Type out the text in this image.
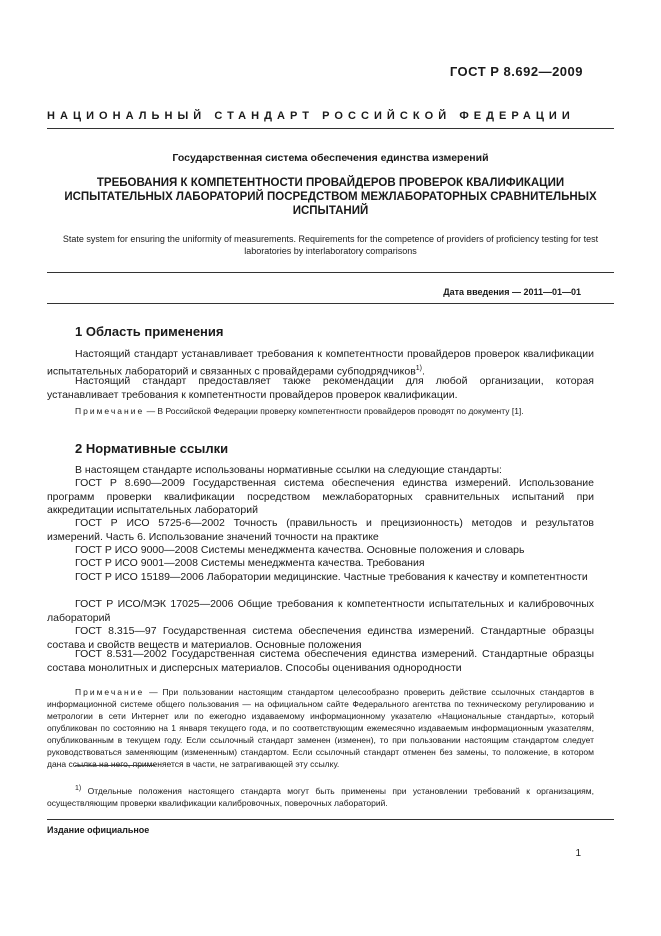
ГОСТ Р 8.692—2009
НАЦИОНАЛЬНЫЙ СТАНДАРТ РОССИЙСКОЙ ФЕДЕРАЦИИ
Государственная система обеспечения единства измерений
ТРЕБОВАНИЯ К КОМПЕТЕНТНОСТИ ПРОВАЙДЕРОВ ПРОВЕРОК КВАЛИФИКАЦИИ ИСПЫТАТЕЛЬНЫХ ЛАБОРАТОРИЙ ПОСРЕДСТВОМ МЕЖЛАБОРАТОРНЫХ СРАВНИТЕЛЬНЫХ ИСПЫТАНИЙ
State system for ensuring the uniformity of measurements. Requirements for the competence of providers of proficiency testing for test laboratories by interlaboratory comparisons
Дата введения — 2011—01—01
1 Область применения
Настоящий стандарт устанавливает требования к компетентности провайдеров проверок квалификации испытательных лабораторий и связанных с провайдерами субподрядчиков$^{1)}$.
Настоящий стандарт предоставляет также рекомендации для любой организации, которая устанавливает требования к компетентности провайдеров проверок квалификации.
Примечание — В Российской Федерации проверку компетентности провайдеров проводят по документу [1].
2 Нормативные ссылки
В настоящем стандарте использованы нормативные ссылки на следующие стандарты:
ГОСТ Р 8.690—2009 Государственная система обеспечения единства измерений. Использование программ проверки квалификации посредством межлабораторных сравнительных испытаний при аккредитации испытательных лабораторий
ГОСТ Р ИСО 5725-6—2002 Точность (правильность и прецизионность) методов и результатов измерений. Часть 6. Использование значений точности на практике
ГОСТ Р ИСО 9000—2008 Системы менеджмента качества. Основные положения и словарь
ГОСТ Р ИСО 9001—2008 Системы менеджмента качества. Требования
ГОСТ Р ИСО 15189—2006 Лаборатории медицинские. Частные требования к качеству и компетентности
ГОСТ Р ИСО/МЭК 17025—2006 Общие требования к компетентности испытательных и калибровочных лабораторий
ГОСТ 8.315—97 Государственная система обеспечения единства измерений. Стандартные образцы состава и свойств веществ и материалов. Основные положения
ГОСТ 8.531—2002 Государственная система обеспечения единства измерений. Стандартные образцы состава монолитных и дисперсных материалов. Способы оценивания однородности
Примечание — При пользовании настоящим стандартом целесообразно проверить действие ссылочных стандартов в информационной системе общего пользования — на официальном сайте Федерального агентства по техническому регулированию и метрологии в сети Интернет или по ежегодно издаваемому информационному указателю «Национальные стандарты», который опубликован по состоянию на 1 января текущего года, и по соответствующим ежемесячно издаваемым информационным указателям, опубликованным в текущем году. Если ссылочный стандарт заменен (изменен), то при пользовании настоящим стандартом следует руководствоваться заменяющим (измененным) стандартом. Если ссылочный стандарт отменен без замены, то положение, в котором дана ссылка на него, применяется в части, не затрагивающей эту ссылку.
$^{1)}$ Отдельные положения настоящего стандарта могут быть применены при установлении требований к организациям, осуществляющим проверки квалификации калибровочных, поверочных лабораторий.
Издание официальное
1
